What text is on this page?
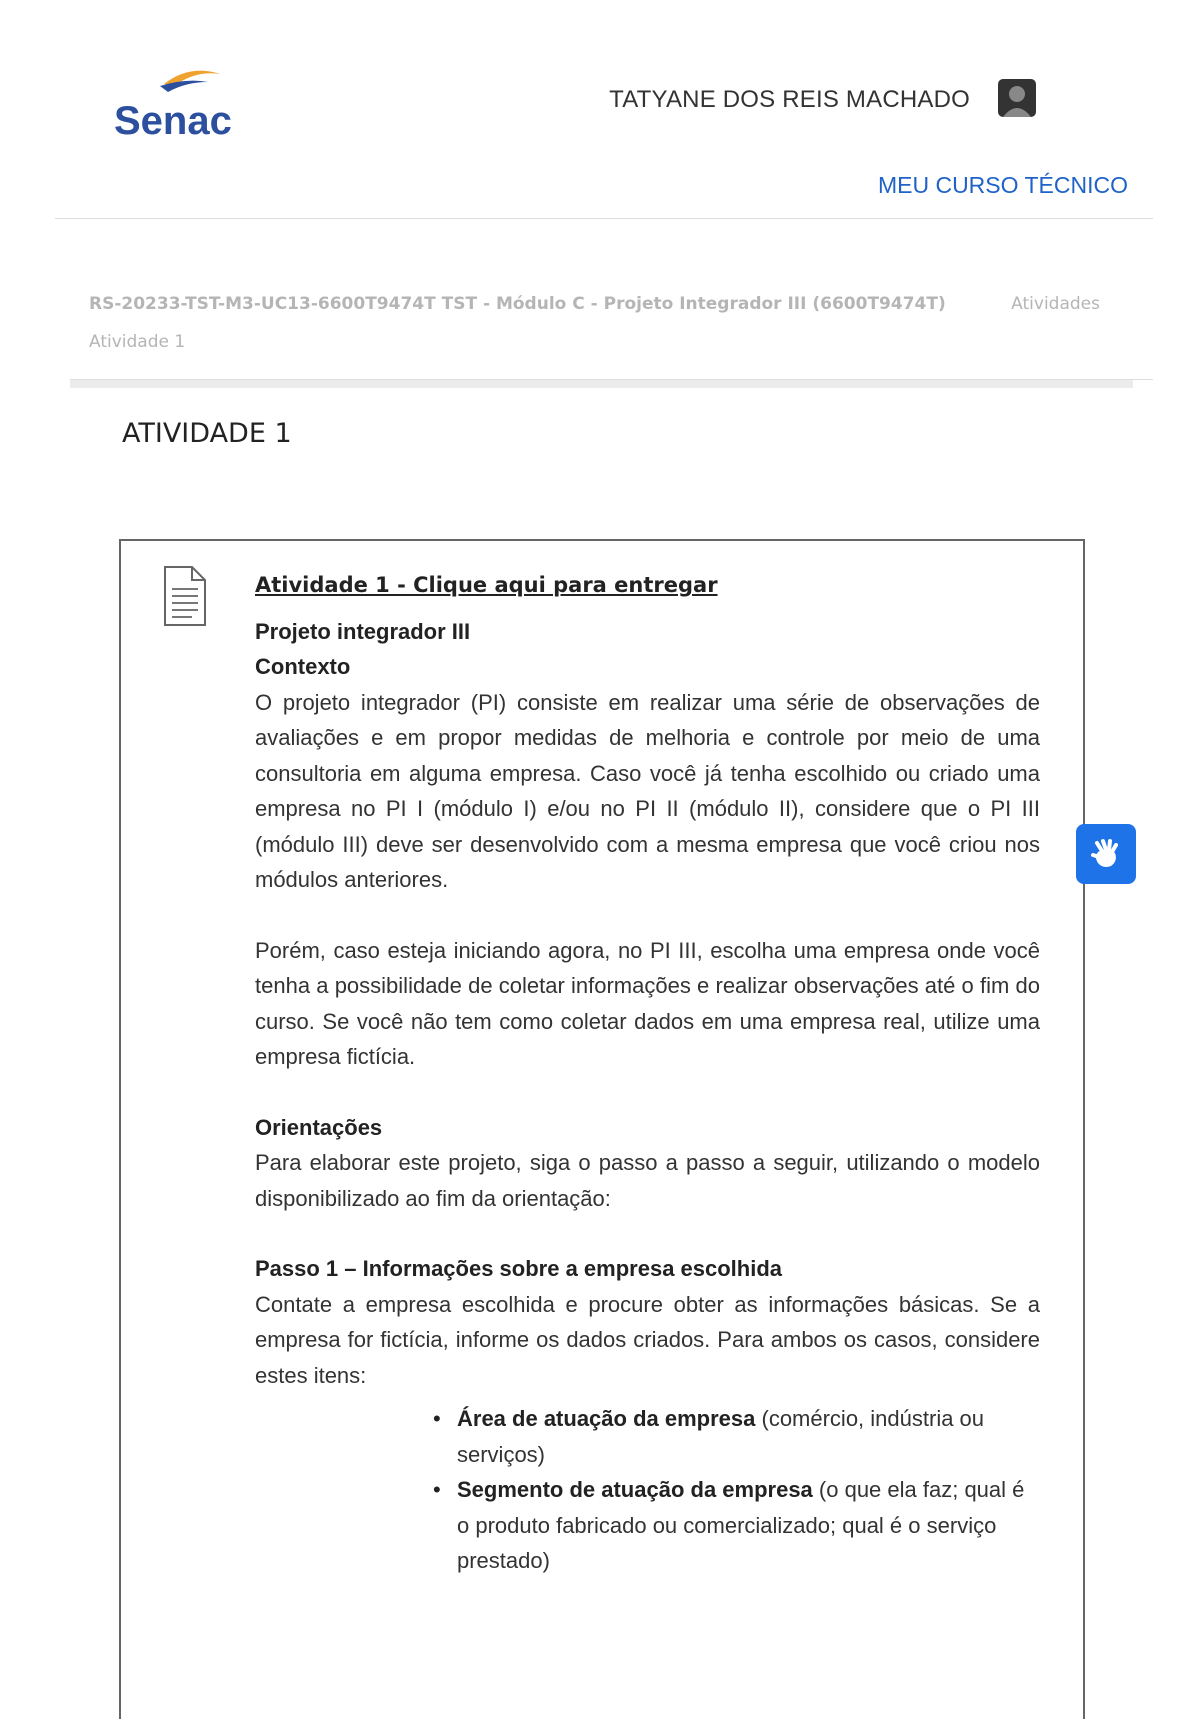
Senac	TATYANE DOS REIS MACHADO
MEU CURSO TÉCNICO
RS-20233-TST-M3-UC13-6600T9474T TST - Módulo C - Projeto Integrador III (6600T9474T)	Atividades
Atividade 1
ATIVIDADE 1
Atividade 1 - Clique aqui para entregar

Projeto integrador III

Contexto

O projeto integrador (PI) consiste em realizar uma série de observações de avaliações e em propor medidas de melhoria e controle por meio de uma consultoria em alguma empresa. Caso você já tenha escolhido ou criado uma empresa no PI I (módulo I) e/ou no PI II (módulo II), considere que o PI III (módulo III) deve ser desenvolvido com a mesma empresa que você criou nos módulos anteriores.

Porém, caso esteja iniciando agora, no PI III, escolha uma empresa onde você tenha a possibilidade de coletar informações e realizar observações até o fim do curso. Se você não tem como coletar dados em uma empresa real, utilize uma empresa fictícia.

Orientações

Para elaborar este projeto, siga o passo a passo a seguir, utilizando o modelo disponibilizado ao fim da orientação:

Passo 1 – Informações sobre a empresa escolhida

Contate a empresa escolhida e procure obter as informações básicas. Se a empresa for fictícia, informe os dados criados. Para ambos os casos, considere estes itens:

• Área de atuação da empresa (comércio, indústria ou serviços)
• Segmento de atuação da empresa (o que ela faz; qual é o produto fabricado ou comercializado; qual é o serviço prestado)
